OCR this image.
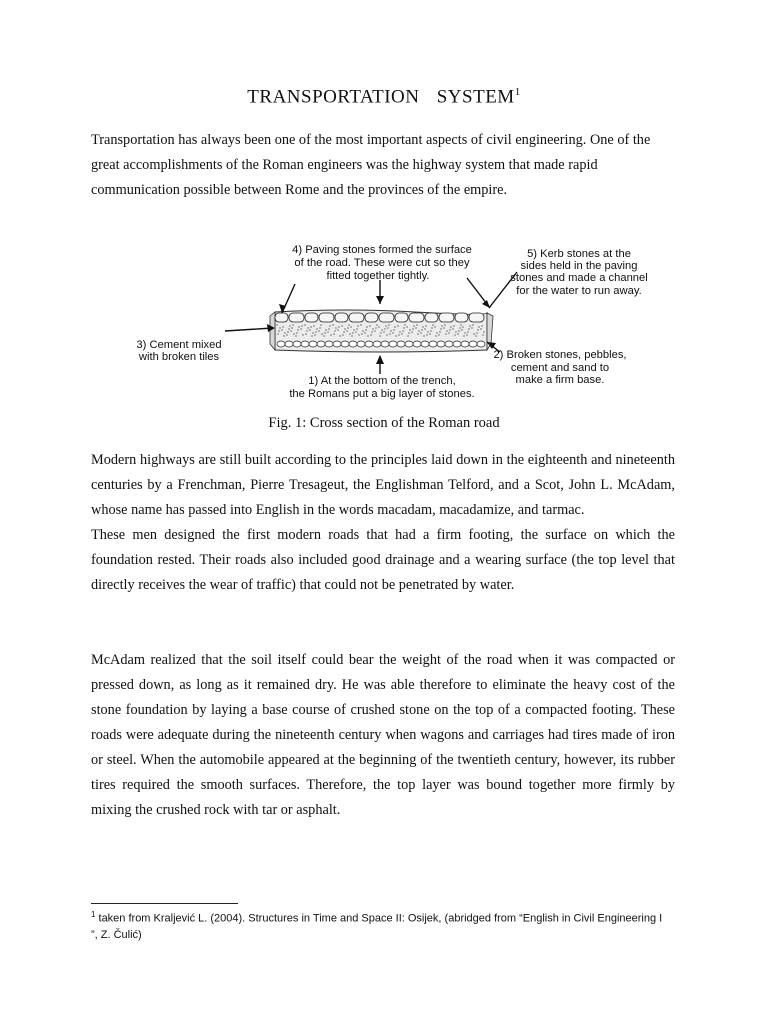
TRANSPORTATION SYSTEM$^1$

Transportation has always been one of the most important aspects of civil engineering. One of the great accomplishments of the Roman engineers was the highway system that made rapid communication possible between Rome and the provinces of the empire.

4) Paving stones formed the surface
of the road. These were cut so they
fitted together tightly.
5) Kerb stones at the
sides held in the paving
stones and made a channel
for the water to run away.
3) Cement mixed
with broken tiles	2) Broken stones, pebbles,
cement and sand to
make a firm base.
1) At the bottom of the trench,
the Romans put a big layer of stones.
Fig. 1: Cross section of the Roman road
Modern highways are still built according to the principles laid down in the eighteenth and nineteenth centuries by a Frenchman, Pierre Tresageut, the Englishman Telford, and a Scot, John L. McAdam, whose name has passed into English in the words macadam, macadamize, and tarmac.
These men designed the first modern roads that had a firm footing, the surface on which the foundation rested. Their roads also included good drainage and a wearing surface (the top level that directly receives the wear of traffic) that could not be penetrated by water.

McAdam realized that the soil itself could bear the weight of the road when it was compacted or pressed down, as long as it remained dry. He was able therefore to eliminate the heavy cost of the stone foundation by laying a base course of crushed stone on the top of a compacted footing. These roads were adequate during the nineteenth century when wagons and carriages had tires made of iron or steel. When the automobile appeared at the beginning of the twentieth century, however, its rubber tires required the smooth surfaces. Therefore, the top layer was bound together more firmly by mixing the crushed rock with tar or asphalt.

$^1$ taken from Kraljević L. (2004). Structures in Time and Space II: Osijek, (abridged from “English in Civil Engineering I ”, Z. Čulić)
